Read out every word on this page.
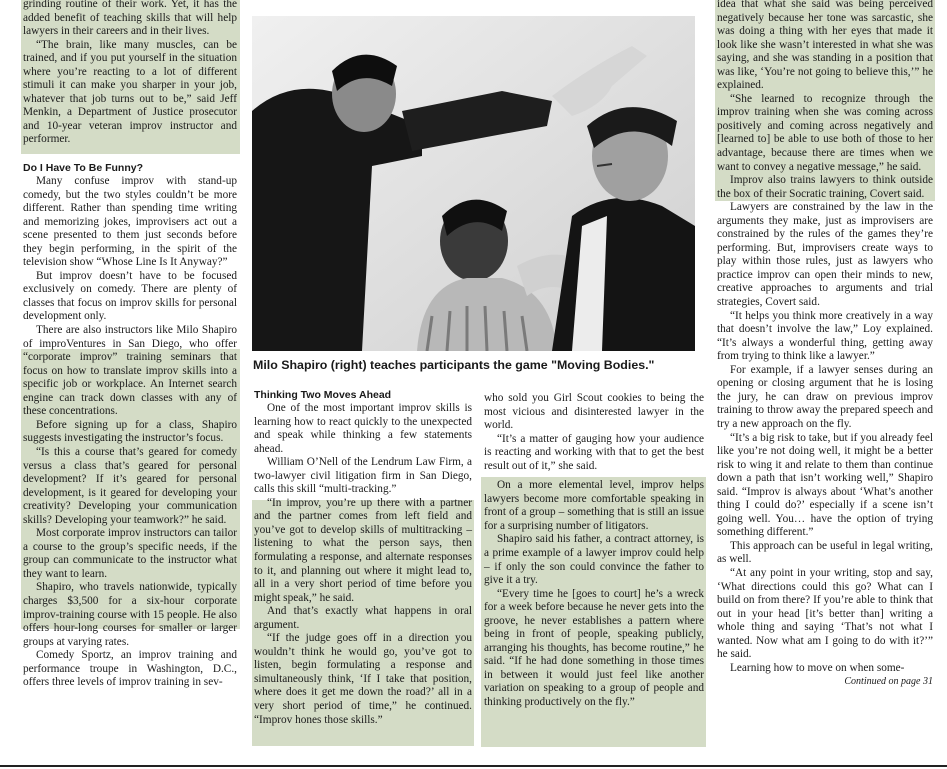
grinding routine of their work. Yet, it has the added benefit of teaching skills that will help lawyers in their careers and in their lives.

“The brain, like many muscles, can be trained, and if you put yourself in the situation where you’re reacting to a lot of different stimuli it can make you sharper in your job, whatever that job turns out to be,” said Jeff Menkin, a Department of Justice prosecutor and 10-year veteran improv instructor and performer.

Do I Have To Be Funny?

Many confuse improv with stand-up comedy, but the two styles couldn’t be more different. Rather than spending time writing and memorizing jokes, improvisers act out a scene presented to them just seconds before they begin performing, in the spirit of the television show “Whose Line Is It Anyway?”

But improv doesn’t have to be focused exclusively on comedy. There are plenty of classes that focus on improv skills for personal development only.

There are also instructors like Milo Shapiro of improVentures in San Diego, who offer “corporate improv” training seminars that focus on how to translate improv skills into a specific job or workplace. An Internet search engine can track down classes with any of these concentrations.

Before signing up for a class, Shapiro suggests investigating the instructor’s focus.

“Is this a course that’s geared for comedy versus a class that’s geared for personal development? If it’s geared for personal development, is it geared for developing your creativity? Developing your communication skills? Developing your teamwork?” he said.

Most corporate improv instructors can tailor a course to the group’s specific needs, if the group can communicate to the instructor what they want to learn.

Shapiro, who travels nationwide, typically charges $3,500 for a six-hour corporate improv-training course with 15 people. He also offers hour-long courses for smaller or larger groups at varying rates.

Comedy Sportz, an improv training and performance troupe in Washington, D.C., offers three levels of improv training in sev-

Milo Shapiro (right) teaches participants the game "Moving Bodies."
Thinking Two Moves Ahead

One of the most important improv skills is learning how to react quickly to the unexpected and speak while thinking a few statements ahead.

William O’Nell of the Lendrum Law Firm, a two-lawyer civil litigation firm in San Diego, calls this skill “multi-tracking.”

“In improv, you’re up there with a partner and the partner comes from left field and you’ve got to develop skills of multitracking – listening to what the person says, then formulating a response, and alternate responses to it, and planning out where it might lead to, all in a very short period of time before you might speak,” he said.

And that’s exactly what happens in oral argument.

“If the judge goes off in a direction you wouldn’t think he would go, you’ve got to listen, begin formulating a response and simultaneously think, ‘If I take that position, where does it get me down the road?’ all in a very short period of time,” he continued. “Improv hones those skills.”

who sold you Girl Scout cookies to being the most vicious and disinterested lawyer in the world.

“It’s a matter of gauging how your audience is reacting and working with that to get the best result out of it,” she said.

On a more elemental level, improv helps lawyers become more comfortable speaking in front of a group – something that is still an issue for a surprising number of litigators.

Shapiro said his father, a contract attorney, is a prime example of a lawyer improv could help – if only the son could convince the father to give it a try.

“Every time he [goes to court] he’s a wreck for a week before because he never gets into the groove, he never establishes a pattern where being in front of people, speaking publicly, arranging his thoughts, has become routine,” he said. “If he had done something in those times in between it would just feel like another variation on speaking to a group of people and thinking productively on the fly.”

idea that what she said was being perceived negatively because her tone was sarcastic, she was doing a thing with her eyes that made it look like she wasn’t interested in what she was saying, and she was standing in a position that was like, ‘You’re not going to believe this,’” he explained.

“She learned to recognize through the improv training when she was coming across positively and coming across negatively and [learned to] be able to use both of those to her advantage, because there are times when we want to convey a negative message,” he said.

Improv also trains lawyers to think outside the box of their Socratic training, Covert said.

Lawyers are constrained by the law in the arguments they make, just as improvisers are constrained by the rules of the games they’re performing. But, improvisers create ways to play within those rules, just as lawyers who practice improv can open their minds to new, creative approaches to arguments and trial strategies, Covert said.

“It helps you think more creatively in a way that doesn’t involve the law,” Loy explained. “It’s always a wonderful thing, getting away from trying to think like a lawyer.”

For example, if a lawyer senses during an opening or closing argument that he is losing the jury, he can draw on previous improv training to throw away the prepared speech and try a new approach on the fly.

“It’s a big risk to take, but if you already feel like you’re not doing well, it might be a better risk to wing it and relate to them than continue down a path that isn’t working well,” Shapiro said. “Improv is always about ‘What’s another thing I could do?’ especially if a scene isn’t going well. You… have the option of trying something different.”

This approach can be useful in legal writing, as well.

“At any point in your writing, stop and say, ‘What directions could this go? What can I build on from there? If you’re able to think that out in your head [it’s better than] writing a whole thing and saying ‘That’s not what I wanted. Now what am I going to do with it?’” he said.

Learning how to move on when some-

Continued on page 31
